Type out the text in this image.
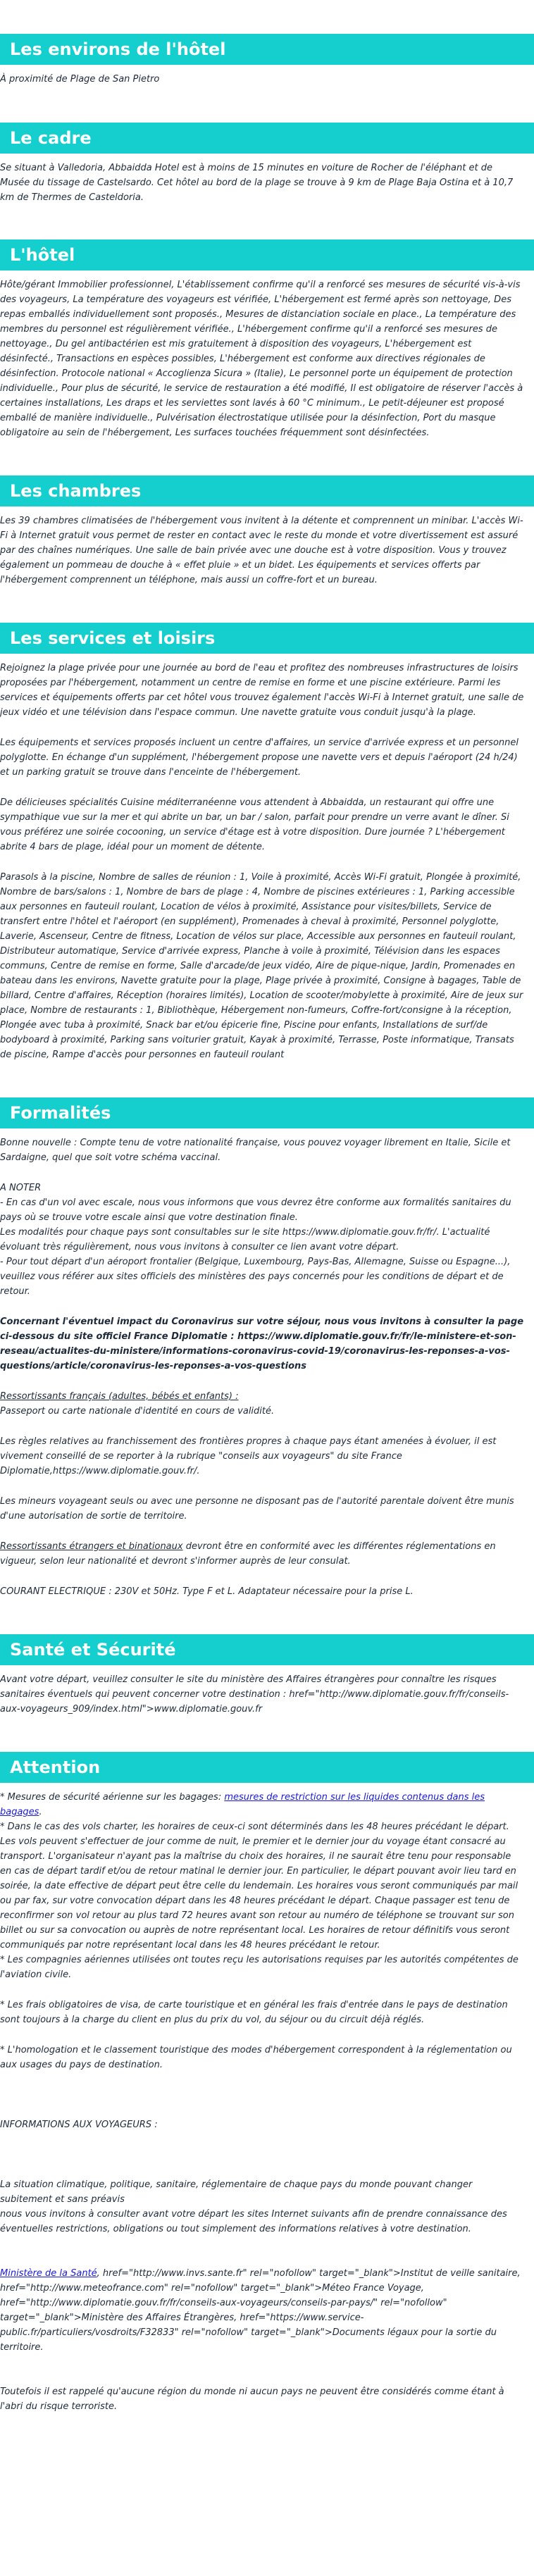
Les environs de l'hôtel

À proximité de Plage de San Pietro

Le cadre

Se situant à Valledoria, Abbaidda Hotel est à moins de 15 minutes en voiture de Rocher de l'éléphant et de Musée du tissage de Castelsardo. Cet hôtel au bord de la plage se trouve à 9 km de Plage Baja Ostina et à 10,7 km de Thermes de Casteldoria.

L'hôtel

Hôte/gérant Immobilier professionnel, L'établissement confirme qu'il a renforcé ses mesures de sécurité vis-à-vis des voyageurs, La température des voyageurs est vérifiée, L'hébergement est fermé après son nettoyage, Des repas emballés individuellement sont proposés., Mesures de distanciation sociale en place., La température des membres du personnel est régulièrement vérifiée., L'hébergement confirme qu'il a renforcé ses mesures de nettoyage., Du gel antibactérien est mis gratuitement à disposition des voyageurs, L'hébergement est désinfecté., Transactions en espèces possibles, L'hébergement est conforme aux directives régionales de désinfection. Protocole national « Accoglienza Sicura » (Italie), Le personnel porte un équipement de protection individuelle., Pour plus de sécurité, le service de restauration a été modifié, Il est obligatoire de réserver l'accès à certaines installations, Les draps et les serviettes sont lavés à 60 °C minimum., Le petit-déjeuner est proposé emballé de manière individuelle., Pulvérisation électrostatique utilisée pour la désinfection, Port du masque obligatoire au sein de l'hébergement, Les surfaces touchées fréquemment sont désinfectées.

Les chambres

Les 39 chambres climatisées de l'hébergement vous invitent à la détente et comprennent un minibar. L'accès Wi-Fi à Internet gratuit vous permet de rester en contact avec le reste du monde et votre divertissement est assuré par des chaînes numériques. Une salle de bain privée avec une douche est à votre disposition. Vous y trouvez également un pommeau de douche à « effet pluie » et un bidet. Les équipements et services offerts par l'hébergement comprennent un téléphone, mais aussi un coffre-fort et un bureau.

Les services et loisirs

Rejoignez la plage privée pour une journée au bord de l'eau et profitez des nombreuses infrastructures de loisirs proposées par l'hébergement, notamment un centre de remise en forme et une piscine extérieure. Parmi les services et équipements offerts par cet hôtel vous trouvez également l'accès Wi-Fi à Internet gratuit, une salle de jeux vidéo et une télévision dans l'espace commun. Une navette gratuite vous conduit jusqu'à la plage.

Les équipements et services proposés incluent un centre d'affaires, un service d'arrivée express et un personnel polyglotte. En échange d'un supplément, l'hébergement propose une navette vers et depuis l'aéroport (24 h/24) et un parking gratuit se trouve dans l'enceinte de l'hébergement.

De délicieuses spécialités Cuisine méditerranéenne vous attendent à Abbaidda, un restaurant qui offre une sympathique vue sur la mer et qui abrite un bar, un bar / salon, parfait pour prendre un verre avant le dîner. Si vous préférez une soirée cocooning, un service d'étage est à votre disposition. Dure journée ? L'hébergement abrite 4 bars de plage, idéal pour un moment de détente.

Parasols à la piscine, Nombre de salles de réunion : 1, Voile à proximité, Accès Wi-Fi gratuit, Plongée à proximité, Nombre de bars/salons : 1, Nombre de bars de plage : 4, Nombre de piscines extérieures : 1, Parking accessible aux personnes en fauteuil roulant, Location de vélos à proximité, Assistance pour visites/billets, Service de transfert entre l'hôtel et l'aéroport (en supplément), Promenades à cheval à proximité, Personnel polyglotte, Laverie, Ascenseur, Centre de fitness, Location de vélos sur place, Accessible aux personnes en fauteuil roulant, Distributeur automatique, Service d'arrivée express, Planche à voile à proximité, Télévision dans les espaces communs, Centre de remise en forme, Salle d'arcade/de jeux vidéo, Aire de pique-nique, Jardin, Promenades en bateau dans les environs, Navette gratuite pour la plage, Plage privée à proximité, Consigne à bagages, Table de billard, Centre d'affaires, Réception (horaires limités), Location de scooter/mobylette à proximité, Aire de jeux sur place, Nombre de restaurants : 1, Bibliothèque, Hébergement non-fumeurs, Coffre-fort/consigne à la réception, Plongée avec tuba à proximité, Snack bar et/ou épicerie fine, Piscine pour enfants, Installations de surf/de bodyboard à proximité, Parking sans voiturier gratuit, Kayak à proximité, Terrasse, Poste informatique, Transats de piscine, Rampe d'accès pour personnes en fauteuil roulant

Formalités

Bonne nouvelle : Compte tenu de votre nationalité française, vous pouvez voyager librement en Italie, Sicile et Sardaigne, quel que soit votre schéma vaccinal.

A NOTER

- En cas d'un vol avec escale, nous vous informons que vous devrez être conforme aux formalités sanitaires du pays où se trouve votre escale ainsi que votre destination finale.

Les modalités pour chaque pays sont consultables sur le site https://www.diplomatie.gouv.fr/fr/. L'actualité évoluant très régulièrement, nous vous invitons à consulter ce lien avant votre départ.

- Pour tout départ d'un aéroport frontalier (Belgique, Luxembourg, Pays-Bas, Allemagne, Suisse ou Espagne...), veuillez vous référer aux sites officiels des ministères des pays concernés pour les conditions de départ et de retour.

Concernant l'éventuel impact du Coronavirus sur votre séjour, nous vous invitons à consulter la page ci-dessous du site officiel France Diplomatie : https://www.diplomatie.gouv.fr/fr/le-ministere-et-son-reseau/actualites-du-ministere/informations-coronavirus-covid-19/coronavirus-les-reponses-a-vos-questions/article/coronavirus-les-reponses-a-vos-questions

Ressortissants français (adultes, bébés et enfants) :

Passeport ou carte nationale d'identité en cours de validité.

Les règles relatives au franchissement des frontières propres à chaque pays étant amenées à évoluer, il est vivement conseillé de se reporter à la rubrique "conseils aux voyageurs" du site France Diplomatie,https://www.diplomatie.gouv.fr/.

Les mineurs voyageant seuls ou avec une personne ne disposant pas de l'autorité parentale doivent être munis d'une autorisation de sortie de territoire.

Ressortissants étrangers et binationaux devront être en conformité avec les différentes réglementations en vigueur, selon leur nationalité et devront s'informer auprès de leur consulat.

COURANT ELECTRIQUE : 230V et 50Hz. Type F et L. Adaptateur nécessaire pour la prise L.

Santé et Sécurité

Avant votre départ, veuillez consulter le site du ministère des Affaires étrangères pour connaître les risques sanitaires éventuels qui peuvent concerner votre destination : href="http://www.diplomatie.gouv.fr/fr/conseils-aux-voyageurs_909/index.html">www.diplomatie.gouv.fr

Attention

* Mesures de sécurité aérienne sur les bagages: mesures de restriction sur les liquides contenus dans les bagages.

* Dans le cas des vols charter, les horaires de ceux-ci sont déterminés dans les 48 heures précédant le départ. Les vols peuvent s'effectuer de jour comme de nuit, le premier et le dernier jour du voyage étant consacré au transport. L'organisateur n'ayant pas la maîtrise du choix des horaires, il ne saurait être tenu pour responsable en cas de départ tardif et/ou de retour matinal le dernier jour. En particulier, le départ pouvant avoir lieu tard en soirée, la date effective de départ peut être celle du lendemain. Les horaires vous seront communiqués par mail ou par fax, sur votre convocation départ dans les 48 heures précédant le départ. Chaque passager est tenu de reconfirmer son vol retour au plus tard 72 heures avant son retour au numéro de téléphone se trouvant sur son billet ou sur sa convocation ou auprès de notre représentant local. Les horaires de retour définitifs vous seront communiqués par notre représentant local dans les 48 heures précédant le retour.

* Les compagnies aériennes utilisées ont toutes reçu les autorisations requises par les autorités compétentes de l'aviation civile.

* Les frais obligatoires de visa, de carte touristique et en général les frais d'entrée dans le pays de destination sont toujours à la charge du client en plus du prix du vol, du séjour ou du circuit déjà réglés.

* L'homologation et le classement touristique des modes d'hébergement correspondent à la réglementation ou aux usages du pays de destination.

INFORMATIONS AUX VOYAGEURS :

La situation climatique, politique, sanitaire, réglementaire de chaque pays du monde pouvant changer subitement et sans préavis

nous vous invitons à consulter avant votre départ les sites Internet suivants afin de prendre connaissance des éventuelles restrictions, obligations ou tout simplement des informations relatives à votre destination.

Ministère de la Santé, href="http://www.invs.sante.fr" rel="nofollow" target="_blank">Institut de veille sanitaire, href="http://www.meteofrance.com" rel="nofollow" target="_blank">Méteo France Voyage, href="http://www.diplomatie.gouv.fr/fr/conseils-aux-voyageurs/conseils-par-pays/" rel="nofollow" target="_blank">Ministère des Affaires Étrangères, href="https://www.service-public.fr/particuliers/vosdroits/F32833" rel="nofollow" target="_blank">Documents légaux pour la sortie du territoire.

Toutefois il est rappelé qu'aucune région du monde ni aucun pays ne peuvent être considérés comme étant à l'abri du risque terroriste.
